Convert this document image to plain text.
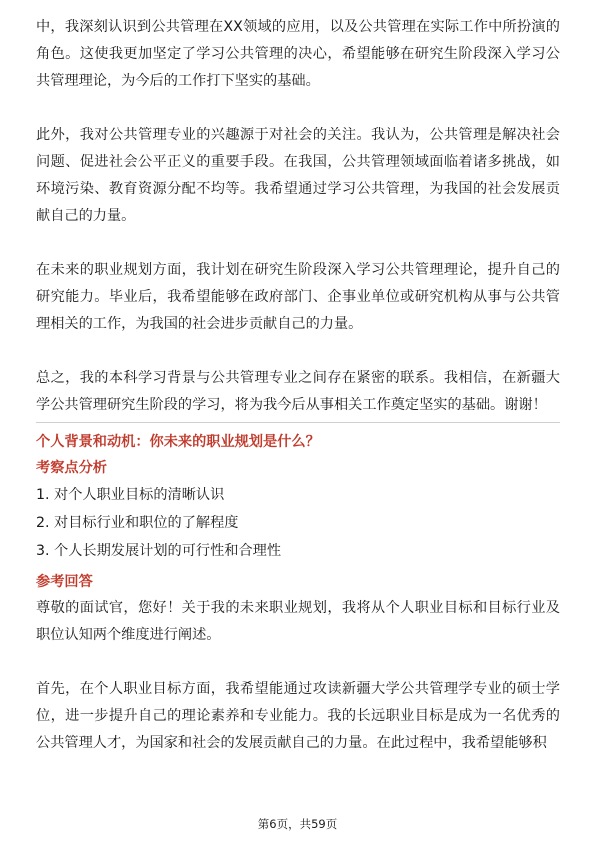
中，我深刻认识到公共管理在XX领域的应用，以及公共管理在实际工作中所扮演的角色。这使我更加坚定了学习公共管理的决心，希望能够在研究生阶段深入学习公共管理理论，为今后的工作打下坚实的基础。

此外，我对公共管理专业的兴趣源于对社会的关注。我认为，公共管理是解决社会问题、促进社会公平正义的重要手段。在我国，公共管理领域面临着诸多挑战，如环境污染、教育资源分配不均等。我希望通过学习公共管理，为我国的社会发展贡献自己的力量。

在未来的职业规划方面，我计划在研究生阶段深入学习公共管理理论，提升自己的研究能力。毕业后，我希望能够在政府部门、企事业单位或研究机构从事与公共管理相关的工作，为我国的社会进步贡献自己的力量。

总之，我的本科学习背景与公共管理专业之间存在紧密的联系。我相信，在新疆大学公共管理研究生阶段的学习，将为我今后从事相关工作奠定坚实的基础。谢谢！

个人背景和动机：你未来的职业规划是什么？

考察点分析

1. 对个人职业目标的清晰认识
2. 对目标行业和职位的了解程度
3. 个人长期发展计划的可行性和合理性

参考回答

尊敬的面试官，您好！关于我的未来职业规划，我将从个人职业目标和目标行业及职位认知两个维度进行阐述。

首先，在个人职业目标方面，我希望能通过攻读新疆大学公共管理学专业的硕士学位，进一步提升自己的理论素养和专业能力。我的长远职业目标是成为一名优秀的公共管理人才，为国家和社会的发展贡献自己的力量。在此过程中，我希望能够积

第6页，共59页
